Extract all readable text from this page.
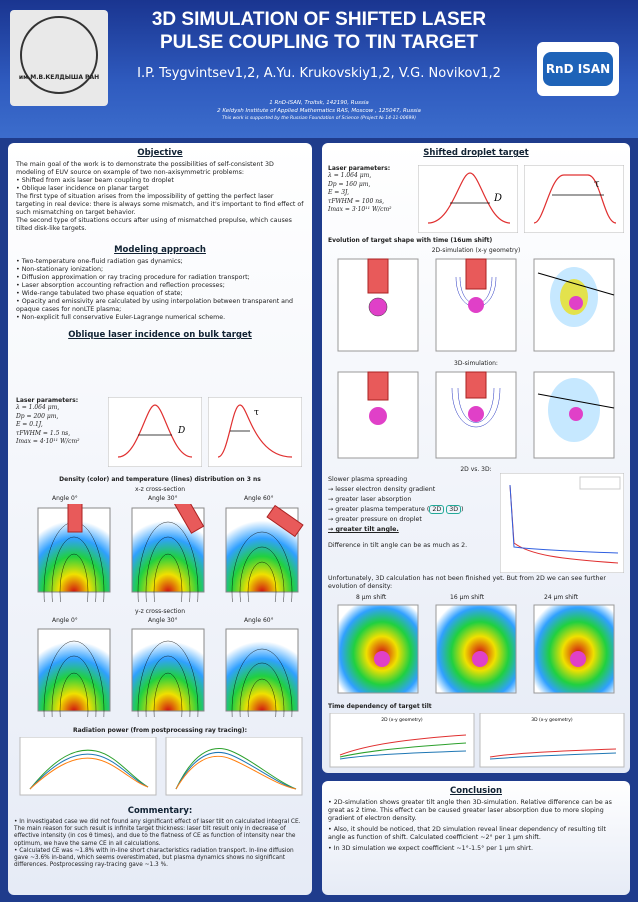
им.М.В.КЕЛДЫША РАН
3D SIMULATION OF SHIFTED LASER
PULSE COUPLING TO TIN TARGET
I.P. Tsygvintsev1,2, A.Yu. Krukovskiy1,2, V.G. Novikov1,2
1 RnD-ISAN, Troitsk, 142190, Russia
2 Keldysh Institute of Applied Mathematics RAS, Moscow , 125047, Russia
This work is supported by the Russian Foundation of Science (Project № 14-11-00699)
RnD ISAN
Objective
The main goal of the work is to demonstrate the possibilities of self-consistent 3D modeling of EUV source on example of two non-axisymmetric problems:
• Shifted from axis laser beam coupling to droplet
• Oblique laser incidence on planar target
The first type of situation arises from the impossibility of getting the perfect laser targeting in real device: there is always some mismatch, and it's important to find effect of such mismatching on target behavior.
The second type of situations occurs after using of mismatched prepulse, which causes tilted disk-like targets.
Modeling approach
• Two-temperature one-fluid radiation gas dynamics;
• Non-stationary ionization;
• Diffusion approximation or ray tracing procedure for radiation transport;
• Laser absorption accounting refraction and reflection processes;
• Wide-range tabulated two phase equation of state;
• Opacity and emissivity are calculated by using interpolation between transparent and opaque cases for nonLTE plasma;
• Non-explicit full conservative Euler-Lagrange numerical scheme.
Oblique laser incidence on bulk target
Laser parameters:
λ = 1.064 μm,
Dp = 200 μm,
E = 0.1J,
τFWHM = 1.5 ns,
Imax = 4·10¹¹ W/cm²
D
τ
Density (color) and temperature (lines) distribution on 3 ns
x-z cross-section
Angle 0°	Angle 30°	Angle 60°
y-z cross-section
Angle 0°	Angle 30°	Angle 60°
Radiation power (from postprocessing ray tracing):
Commentary:
• In investigated case we did not found any significant effect of laser tilt on calculated integral CE. The main reason for such result is infinite target thickness: laser tilt result only in decrease of effective intensity (in cos θ times), and due to the flatness of CE as function of intensity near the optimum, we have the same CE in all calculations.
• Calculated CE was ~1.8% with in-line short characteristics radiation transport. In-line diffusion gave ~3.6% in-band, which seems overestimated, but plasma dynamics shows no significant differences. Postprocessing ray-tracing gave ~1.3 %.
Shifted droplet target
Laser parameters:
λ = 1.064 μm,
Dp = 160 μm,
E = 3J,
τFWHM = 100 ns,
Imax = 3·10¹¹ W/cm²
D
τ
Evolution of target shape with time (16um shift)
2D-simulation (x-y geometry)
3D-simulation:
2D vs. 3D:
Slower plasma spreading
→ lesser electron density gradient
→ greater laser absorption
→ greater plasma temperature ( 2D 3D )
→ greater pressure on droplet
→ greater tilt angle.
Difference in tilt angle can be as much as 2.
Unfortunately, 3D calculation has not been finished yet. But from 2D we can see further evolution of density:
8 μm shift	16 μm shift	24 μm shift
Time dependency of target tilt
2D (x-y geometry)	3D (x-y geometry)
Conclusion
• 2D-simulation shows greater tilt angle then 3D-simulation. Relative difference can be as great as 2 time. This effect can be caused greater laser absorption due to more sloping gradient of electron density.
• Also, it should be noticed, that 2D simulation reveal linear dependency of resulting tilt angle as function of shift. Calculated coefficient ~2° per 1 μm shift.
• In 3D simulation we expect coefficient ~1°-1.5° per 1 μm shirt.
